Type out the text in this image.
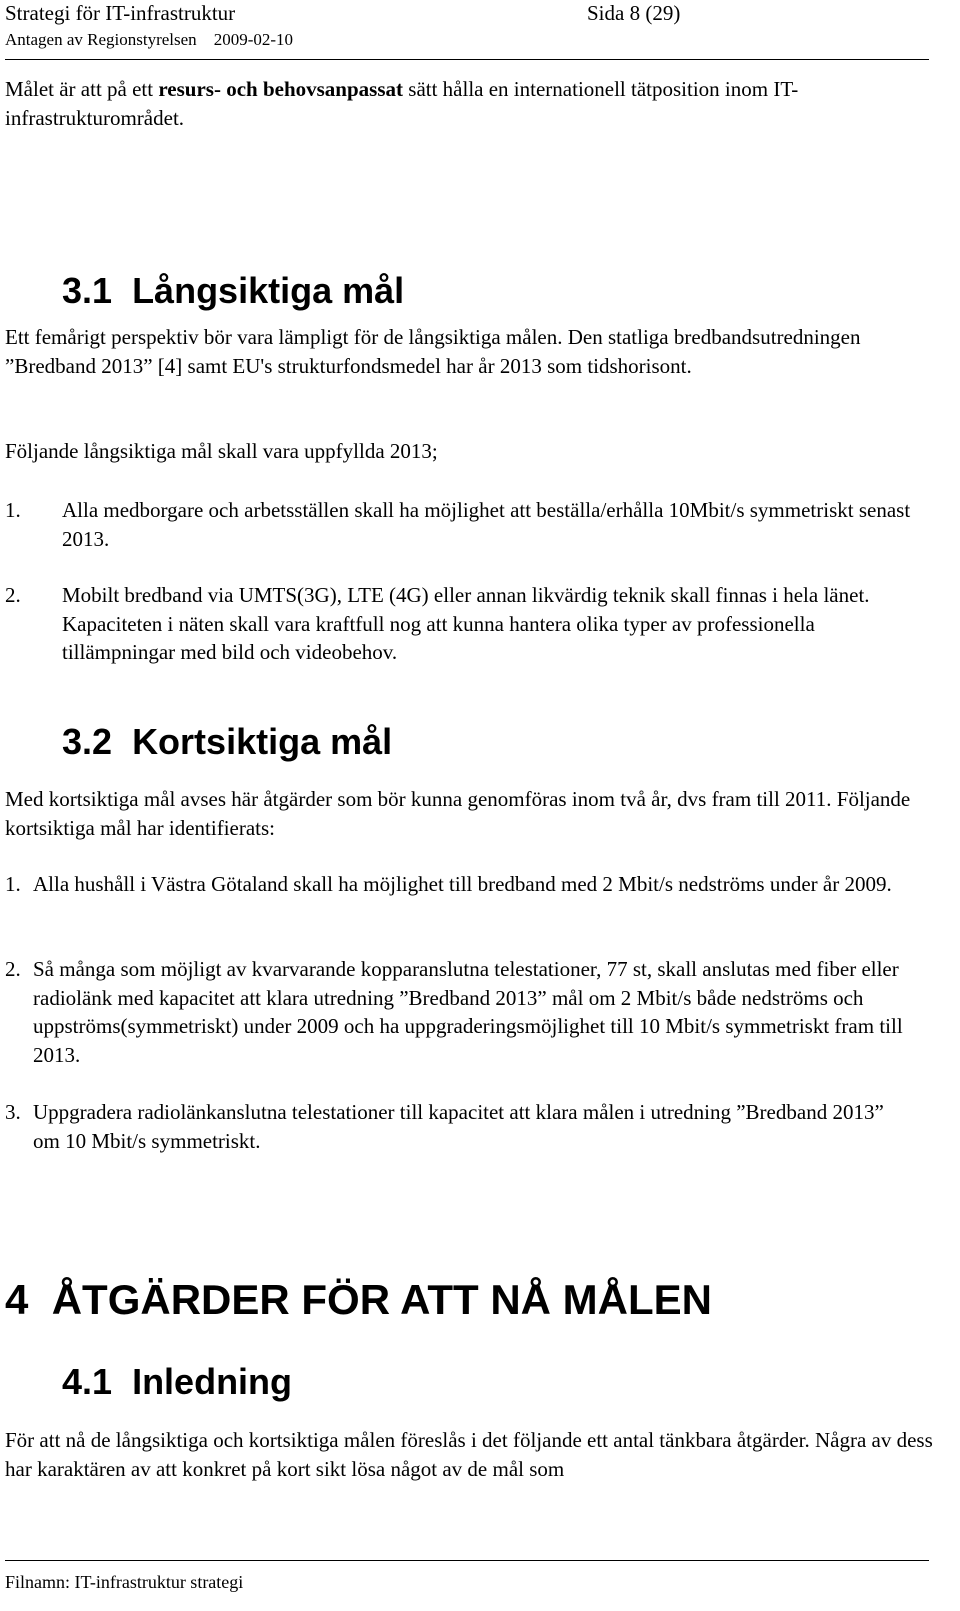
Strategi för IT-infrastruktur	Sida 8 (29)
Antagen av Regionstyrelsen 2009-02-10

Målet är att på ett resurs- och behovsanpassat sätt hålla en internationell tätposition inom IT-infrastrukturområdet.

3.1 Långsiktiga mål

Ett femårigt perspektiv bör vara lämpligt för de långsiktiga målen. Den statliga bredbandsutredningen ”Bredband 2013” [4] samt EU's strukturfondsmedel har år 2013 som tidshorisont.

Följande långsiktiga mål skall vara uppfyllda 2013;

1. Alla medborgare och arbetsställen skall ha möjlighet att beställa/erhålla 10Mbit/s symmetriskt senast 2013.
2. Mobilt bredband via UMTS(3G), LTE (4G) eller annan likvärdig teknik skall finnas i hela länet. Kapaciteten i näten skall vara kraftfull nog att kunna hantera olika typer av professionella tillämpningar med bild och videobehov.
3.2 Kortsiktiga mål

Med kortsiktiga mål avses här åtgärder som bör kunna genomföras inom två år, dvs fram till 2011. Följande kortsiktiga mål har identifierats:

1. Alla hushåll i Västra Götaland skall ha möjlighet till bredband med 2 Mbit/s nedströms under år 2009.
2. Så många som möjligt av kvarvarande kopparanslutna telestationer, 77 st, skall anslutas med fiber eller radiolänk med kapacitet att klara utredning ”Bredband 2013” mål om 2 Mbit/s både nedströms och uppströms(symmetriskt) under 2009 och ha uppgraderingsmöjlighet till 10 Mbit/s symmetriskt fram till 2013.
3. Uppgradera radiolänkanslutna telestationer till kapacitet att klara målen i utredning ”Bredband 2013” om 10 Mbit/s symmetriskt.
4 ÅTGÄRDER FÖR ATT NÅ MÅLEN
4.1 Inledning

För att nå de långsiktiga och kortsiktiga målen föreslås i det följande ett antal tänkbara åtgärder. Några av dess har karaktären av att konkret på kort sikt lösa något av de mål som

Filnamn: IT-infrastruktur strategi
